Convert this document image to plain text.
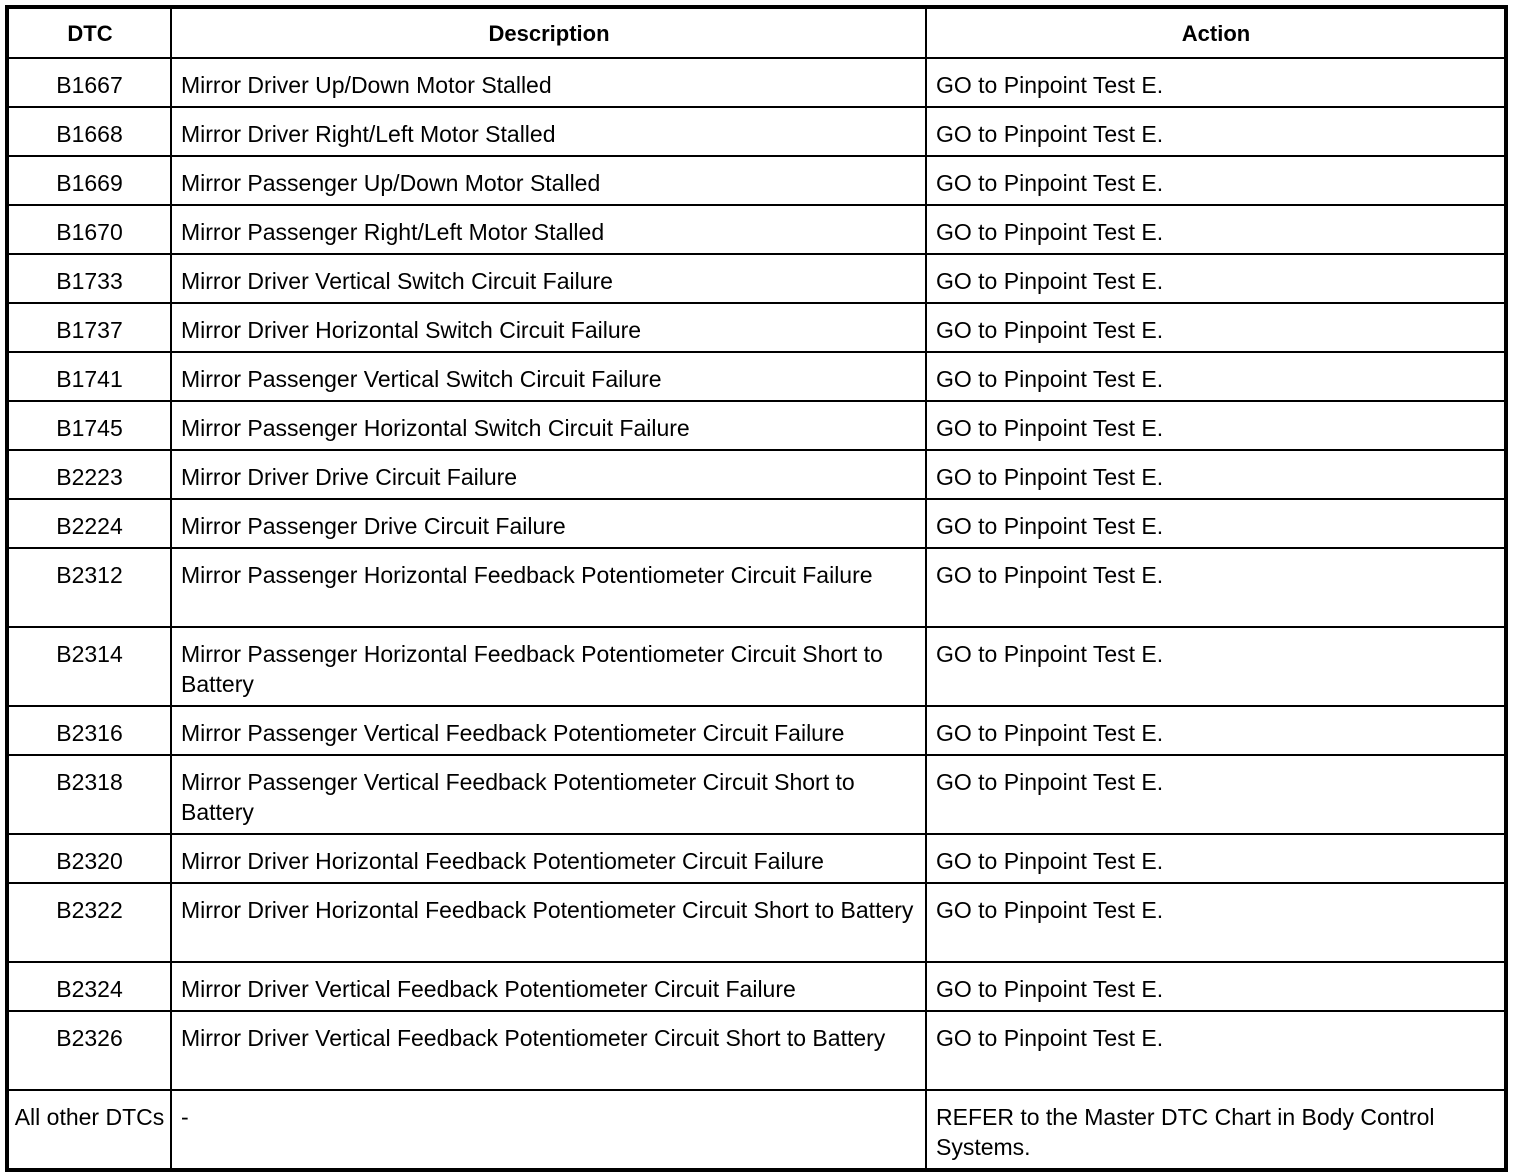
DTC	Description	Action
B1667	Mirror Driver Up/Down Motor Stalled	GO to Pinpoint Test E.
B1668	Mirror Driver Right/Left Motor Stalled	GO to Pinpoint Test E.
B1669	Mirror Passenger Up/Down Motor Stalled	GO to Pinpoint Test E.
B1670	Mirror Passenger Right/Left Motor Stalled	GO to Pinpoint Test E.
B1733	Mirror Driver Vertical Switch Circuit Failure	GO to Pinpoint Test E.
B1737	Mirror Driver Horizontal Switch Circuit Failure	GO to Pinpoint Test E.
B1741	Mirror Passenger Vertical Switch Circuit Failure	GO to Pinpoint Test E.
B1745	Mirror Passenger Horizontal Switch Circuit Failure	GO to Pinpoint Test E.
B2223	Mirror Driver Drive Circuit Failure	GO to Pinpoint Test E.
B2224	Mirror Passenger Drive Circuit Failure	GO to Pinpoint Test E.
B2312	Mirror Passenger Horizontal Feedback Potentiometer Circuit Failure	GO to Pinpoint Test E.
B2314	Mirror Passenger Horizontal Feedback Potentiometer Circuit Short to Battery	GO to Pinpoint Test E.
B2316	Mirror Passenger Vertical Feedback Potentiometer Circuit Failure	GO to Pinpoint Test E.
B2318	Mirror Passenger Vertical Feedback Potentiometer Circuit Short to Battery	GO to Pinpoint Test E.
B2320	Mirror Driver Horizontal Feedback Potentiometer Circuit Failure	GO to Pinpoint Test E.
B2322	Mirror Driver Horizontal Feedback Potentiometer Circuit Short to Battery	GO to Pinpoint Test E.
B2324	Mirror Driver Vertical Feedback Potentiometer Circuit Failure	GO to Pinpoint Test E.
B2326	Mirror Driver Vertical Feedback Potentiometer Circuit Short to Battery	GO to Pinpoint Test E.
All other DTCs	-	REFER to the Master DTC Chart in Body Control Systems.
